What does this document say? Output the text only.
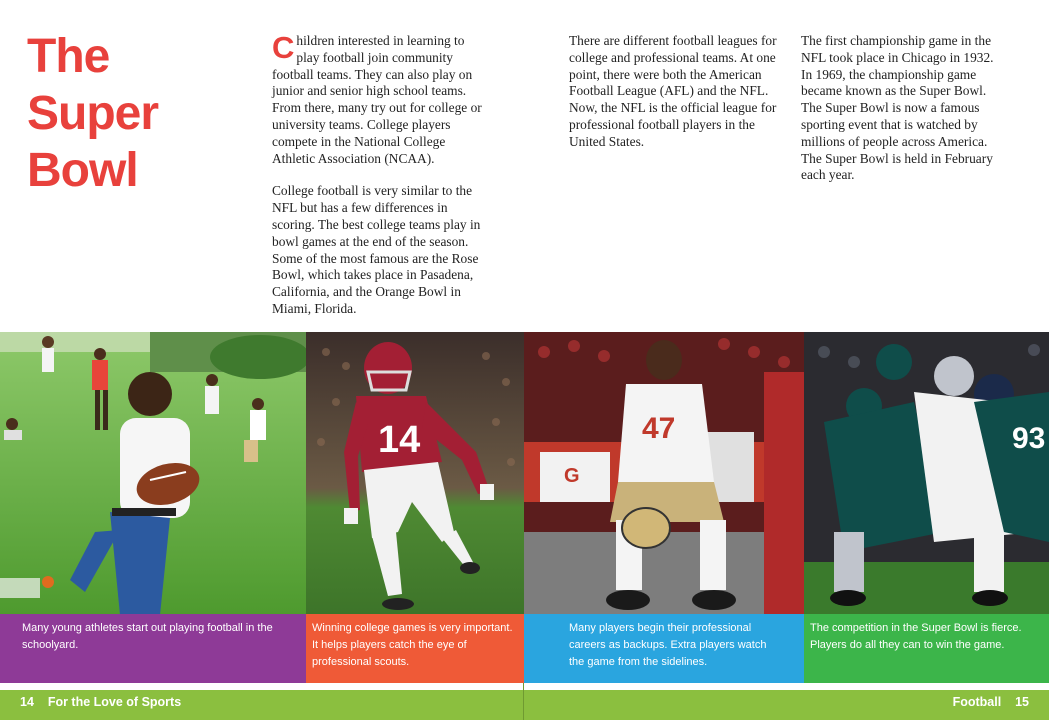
The
Super
Bowl

Children interested in learning to play football join community football teams. They can also play on junior and senior high school teams. From there, many try out for college or university teams. College players compete in the National College Athletic Association (NCAA).

College football is very similar to the NFL but has a few differences in scoring. The best college teams play in bowl games at the end of the season. Some of the most famous are the Rose Bowl, which takes place in Pasadena, California, and the Orange Bowl in Miami, Florida.

There are different football leagues for college and professional teams. At one point, there were both the American Football League (AFL) and the NFL. Now, the NFL is the official league for professional football players in the United States.

The first championship game in the NFL took place in Chicago in 1932. In 1969, the championship game became known as the Super Bowl. The Super Bowl is now a famous sporting event that is watched by millions of people across America. The Super Bowl is held in February each year.

14
G
47	93
Many young athletes start out playing football in the schoolyard.
Winning college games is very important. It helps players catch the eye of professional scouts.
Many players begin their professional careers as backups. Extra players watch the game from the sidelines.
The competition in the Super Bowl is fierce. Players do all they can to win the game.
14 For the Love of Sports	Football 15
